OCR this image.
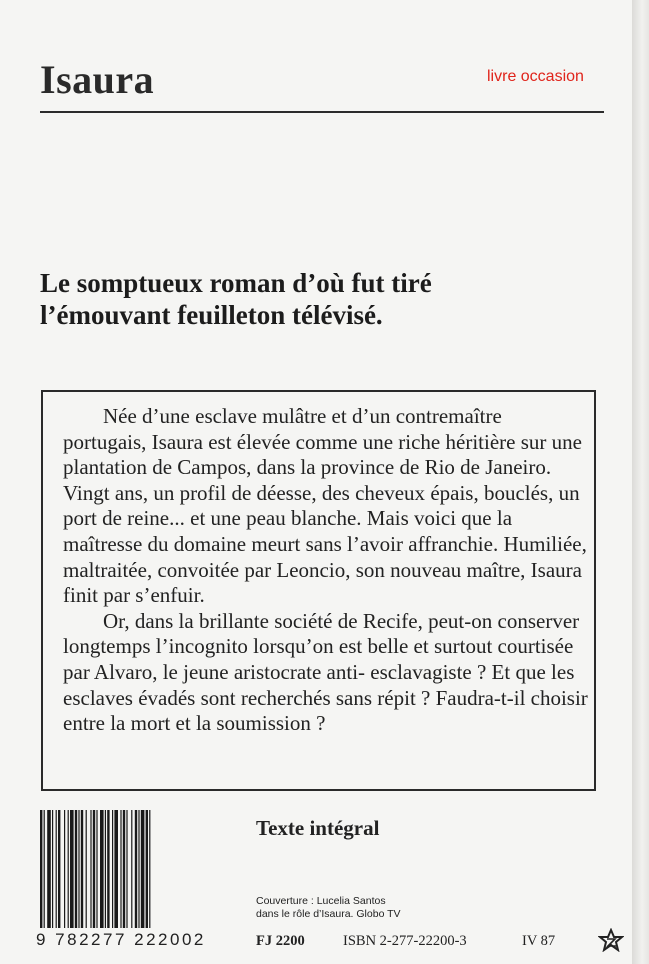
Isaura	livre occasion
Le somptueux roman d’où fut tiré
l’émouvant feuilleton télévisé.
Née d’une esclave mulâtre et d’un contremaître portugais, Isaura est élevée comme une riche héritière sur une plantation de Campos, dans la province de Rio de Janeiro. Vingt ans, un profil de déesse, des cheveux épais, bouclés, un port de reine... et une peau blanche. Mais voici que la maîtresse du domaine meurt sans l’avoir affranchie. Humiliée, maltraitée, convoitée par Leoncio, son nouveau maître, Isaura finit par s’enfuir.
Or, dans la brillante société de Recife, peut-on conserver longtemps l’incognito lorsqu’on est belle et surtout courtisée par Alvaro, le jeune aristocrate anti- esclavagiste ? Et que les esclaves évadés sont recherchés sans répit ? Faudra-t-il choisir entre la mort et la soumission ?
9 782277 222002
Texte intégral
Couverture : Lucelia Santos
dans le rôle d’Isaura. Globo TV
FJ 2200	ISBN 2-277-22200-3	IV 87
